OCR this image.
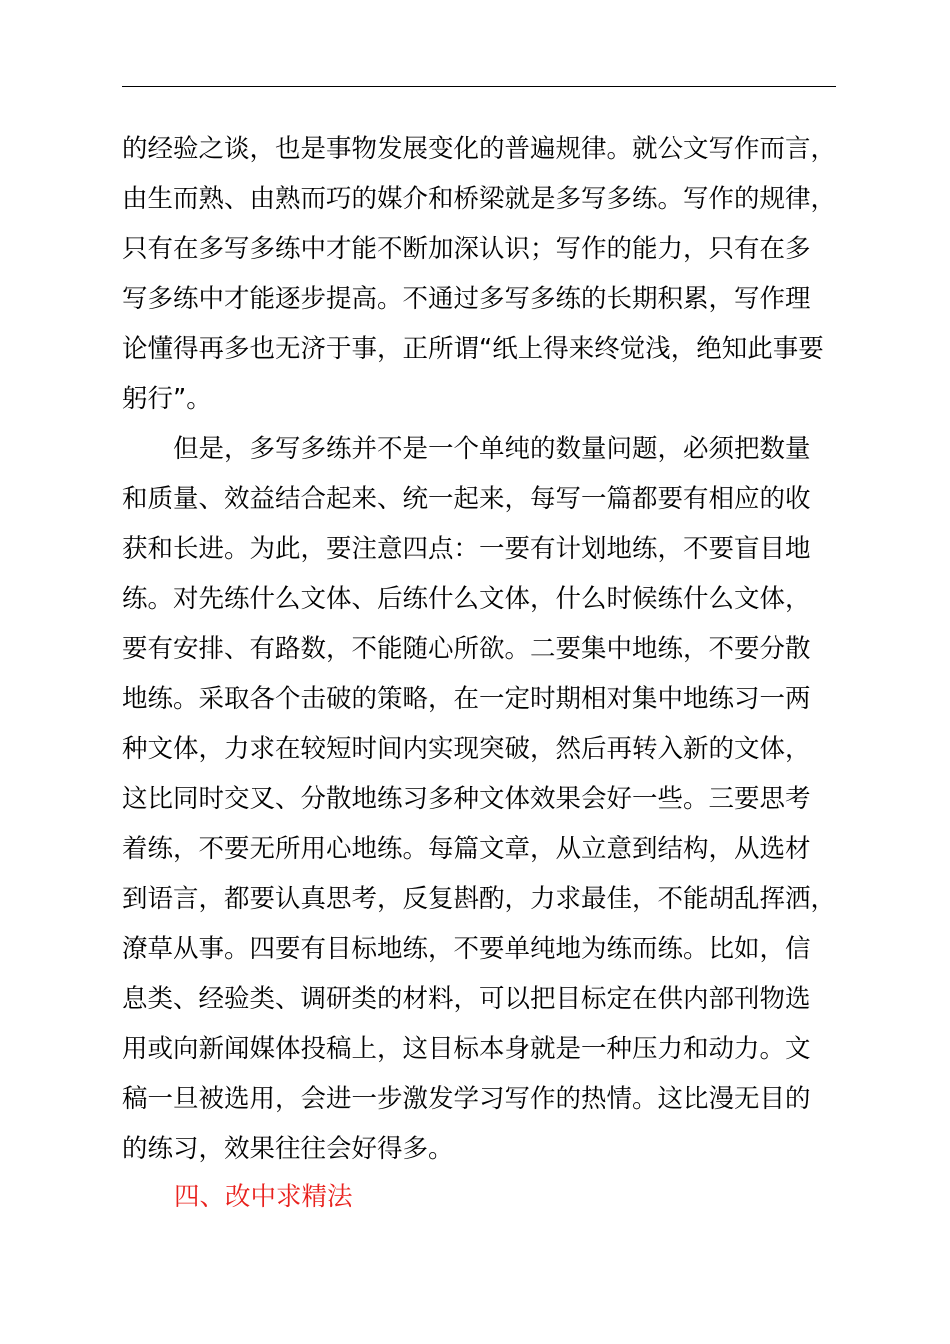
的经验之谈，也是事物发展变化的普遍规律。就公文写作而言，

由生而熟、由熟而巧的媒介和桥梁就是多写多练。写作的规律，

只有在多写多练中才能不断加深认识；写作的能力，只有在多

写多练中才能逐步提高。不通过多写多练的长期积累，写作理

论懂得再多也无济于事，正所谓“纸上得来终觉浅，绝知此事要

躬行”。

　　但是，多写多练并不是一个单纯的数量问题，必须把数量

和质量、效益结合起来、统一起来，每写一篇都要有相应的收

获和长进。为此，要注意四点：一要有计划地练，不要盲目地

练。对先练什么文体、后练什么文体，什么时候练什么文体，

要有安排、有路数，不能随心所欲。二要集中地练，不要分散

地练。采取各个击破的策略，在一定时期相对集中地练习一两

种文体，力求在较短时间内实现突破，然后再转入新的文体，

这比同时交叉、分散地练习多种文体效果会好一些。三要思考

着练，不要无所用心地练。每篇文章，从立意到结构，从选材

到语言，都要认真思考，反复斟酌，力求最佳，不能胡乱挥洒，

潦草从事。四要有目标地练，不要单纯地为练而练。比如，信

息类、经验类、调研类的材料，可以把目标定在供内部刊物选

用或向新闻媒体投稿上，这目标本身就是一种压力和动力。文

稿一旦被选用，会进一步激发学习写作的热情。这比漫无目的

的练习，效果往往会好得多。

四、改中求精法
